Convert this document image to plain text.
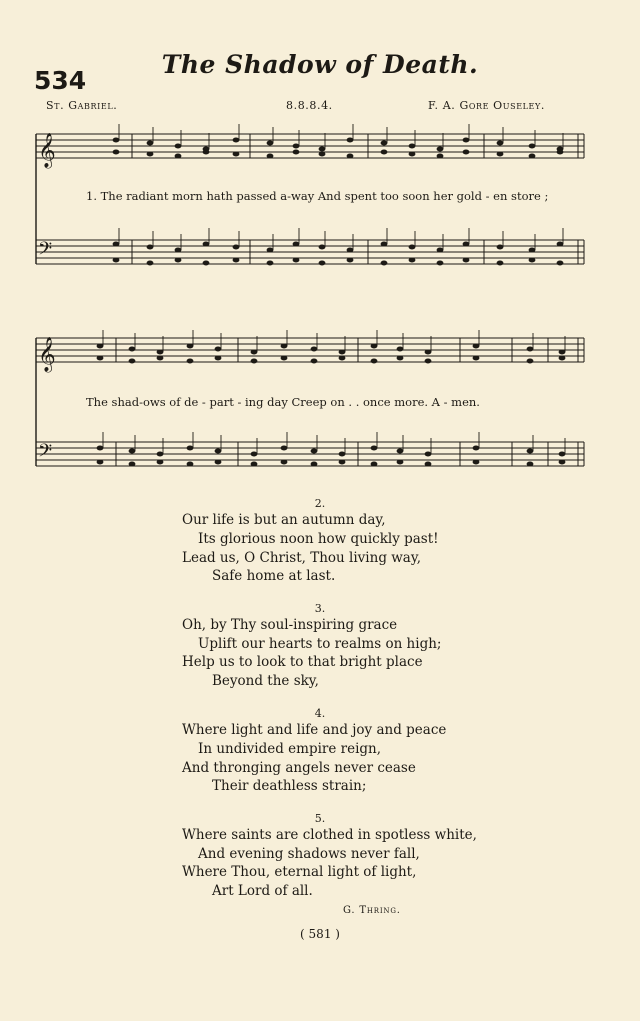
534
The Shadow of Death.
St. Gabriel.	8.8.8.4.	F. A. Gore Ouseley.
𝄞
𝄢
𝄞
𝄢
1. The radiant morn hath passed a-way And spent too soon her gold - en store ;
The shad-ows of de - part - ing day Creep on . . once more. A - men.
2.
Our life is but an autumn day,
Its glorious noon how quickly past!
Lead us, O Christ, Thou living way,
Safe home at last.
3.
Oh, by Thy soul-inspiring grace
Uplift our hearts to realms on high;
Help us to look to that bright place
Beyond the sky,
4.
Where light and life and joy and peace
In undivided empire reign,
And thronging angels never cease
Their deathless strain;
5.
Where saints are clothed in spotless white,
And evening shadows never fall,
Where Thou, eternal light of light,
Art Lord of all.
G. Thring.
( 581 )
